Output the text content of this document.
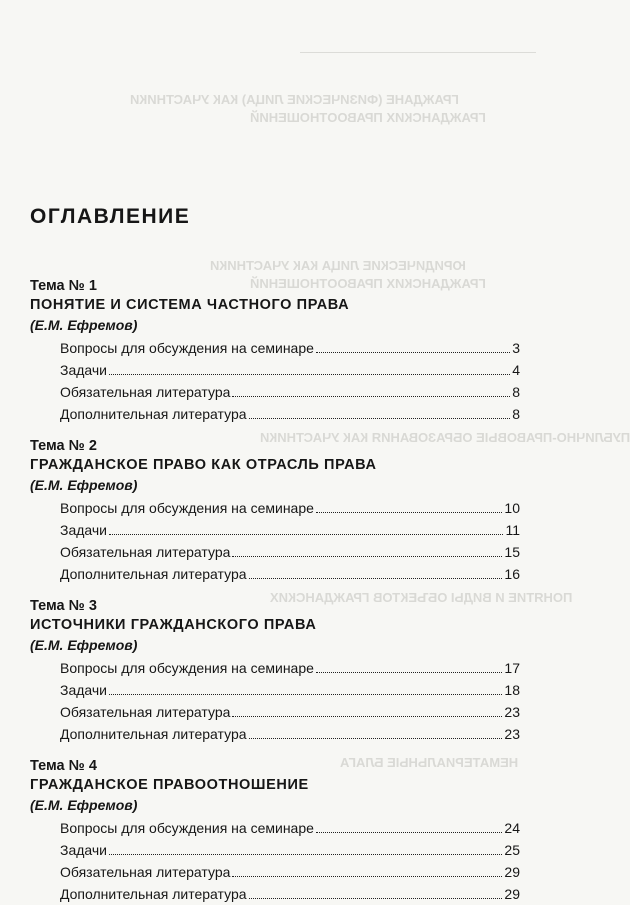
ГРАЖДАНЕ (ФИЗИЧЕСКИЕ ЛИЦА) КАК УЧАСТНИКИ
ГРАЖДАНСКИХ ПРАВООТНОШЕНИЙ
ЮРИДИЧЕСКИЕ ЛИЦА КАК УЧАСТНИКИ
ГРАЖДАНСКИХ ПРАВООТНОШЕНИЙ
ПУБЛИЧНО-ПРАВОВЫЕ ОБРАЗОВАНИЯ КАК УЧАСТНИКИ
ПОНЯТИЕ И ВИДЫ ОБЪЕКТОВ ГРАЖДАНСКИХ
НЕМАТЕРИАЛЬНЫЕ БЛАГА
ОГЛАВЛЕНИЕ
Тема № 1
ПОНЯТИЕ И СИСТЕМА ЧАСТНОГО ПРАВА
(Е.М. Ефремов)
Вопросы для обсуждения на семинаре	3
Задачи	4
Обязательная литература	8
Дополнительная литература	8
Тема № 2
ГРАЖДАНСКОЕ ПРАВО КАК ОТРАСЛЬ ПРАВА
(Е.М. Ефремов)
Вопросы для обсуждения на семинаре	10
Задачи	11
Обязательная литература	15
Дополнительная литература	16
Тема № 3
ИСТОЧНИКИ ГРАЖДАНСКОГО ПРАВА
(Е.М. Ефремов)
Вопросы для обсуждения на семинаре	17
Задачи	18
Обязательная литература	23
Дополнительная литература	23
Тема № 4
ГРАЖДАНСКОЕ ПРАВООТНОШЕНИЕ
(Е.М. Ефремов)
Вопросы для обсуждения на семинаре	24
Задачи	25
Обязательная литература	29
Дополнительная литература	29
